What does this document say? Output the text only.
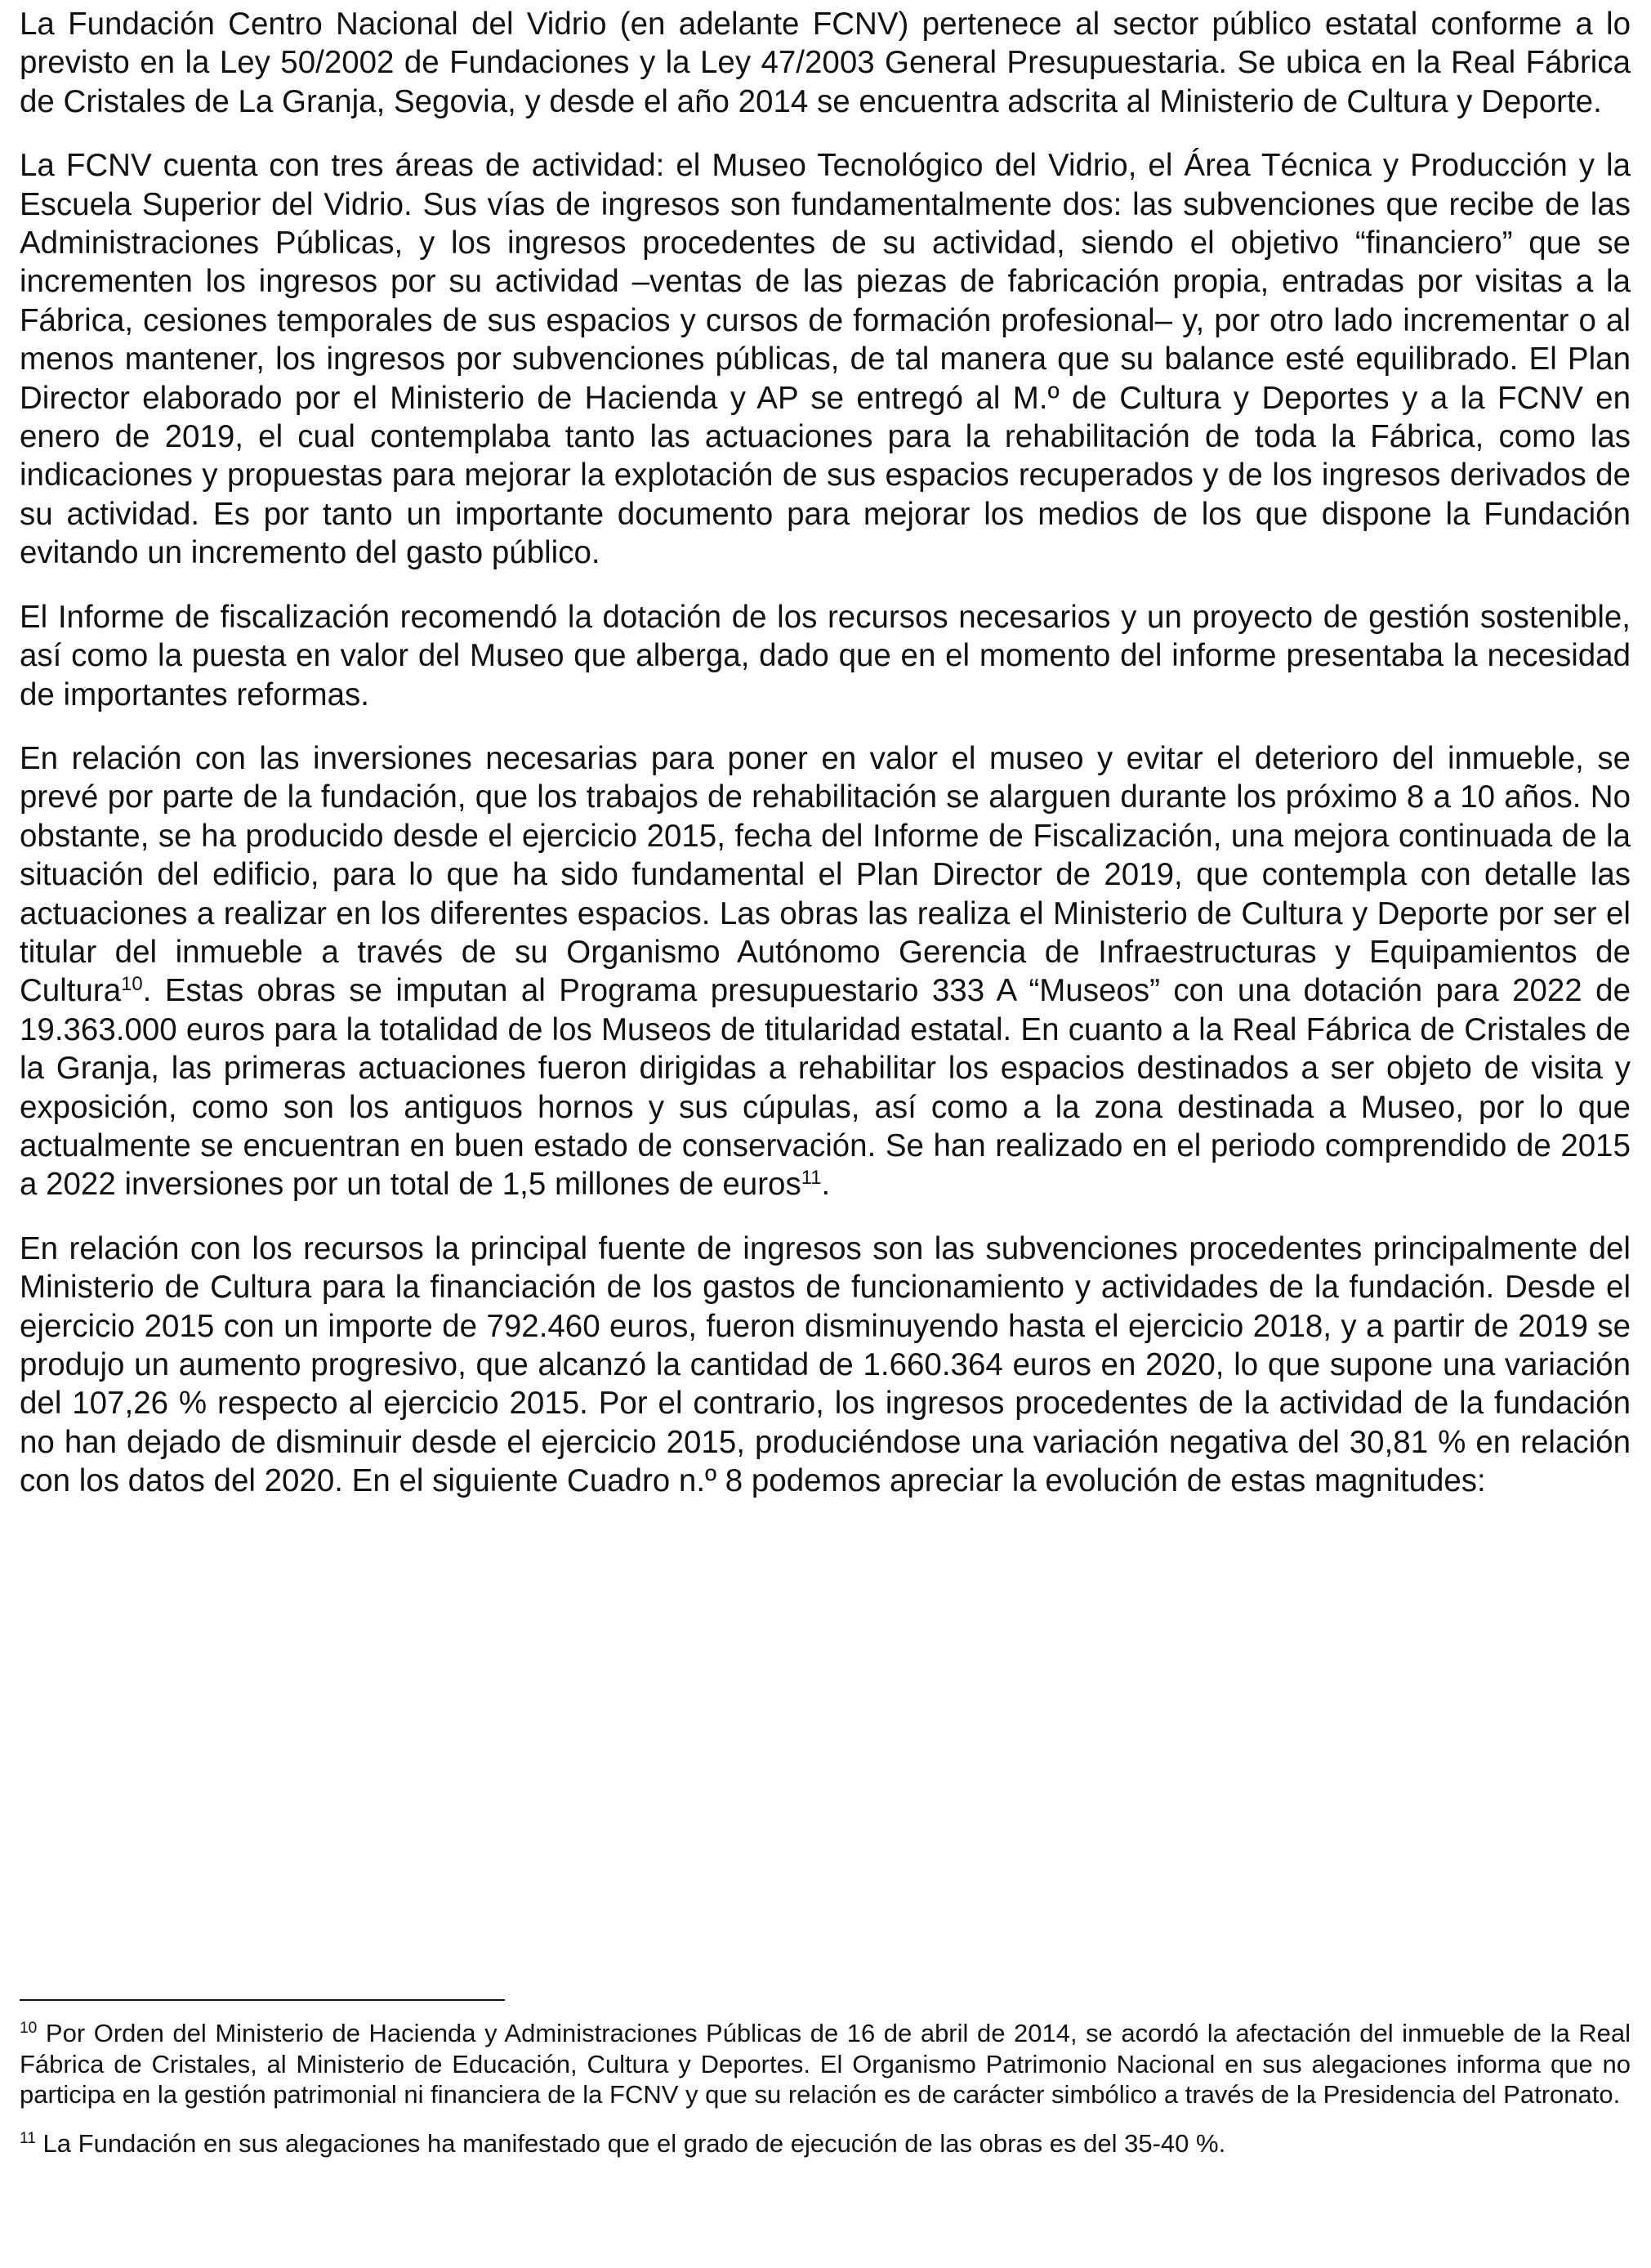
La Fundación Centro Nacional del Vidrio (en adelante FCNV) pertenece al sector público estatal conforme a lo previsto en la Ley 50/2002 de Fundaciones y la Ley 47/2003 General Presupuestaria. Se ubica en la Real Fábrica de Cristales de La Granja, Segovia, y desde el año 2014 se encuentra adscrita al Ministerio de Cultura y Deporte.

La FCNV cuenta con tres áreas de actividad: el Museo Tecnológico del Vidrio, el Área Técnica y Producción y la Escuela Superior del Vidrio. Sus vías de ingresos son fundamentalmente dos: las subvenciones que recibe de las Administraciones Públicas, y los ingresos procedentes de su actividad, siendo el objetivo “financiero” que se incrementen los ingresos por su actividad –ventas de las piezas de fabricación propia, entradas por visitas a la Fábrica, cesiones temporales de sus espacios y cursos de formación profesional– y, por otro lado incrementar o al menos mantener, los ingresos por subvenciones públicas, de tal manera que su balance esté equilibrado. El Plan Director elaborado por el Ministerio de Hacienda y AP se entregó al M.º de Cultura y Deportes y a la FCNV en enero de 2019, el cual contemplaba tanto las actuaciones para la rehabilitación de toda la Fábrica, como las indicaciones y propuestas para mejorar la explotación de sus espacios recuperados y de los ingresos derivados de su actividad. Es por tanto un importante documento para mejorar los medios de los que dispone la Fundación evitando un incremento del gasto público.

El Informe de fiscalización recomendó la dotación de los recursos necesarios y un proyecto de gestión sostenible, así como la puesta en valor del Museo que alberga, dado que en el momento del informe presentaba la necesidad de importantes reformas.

En relación con las inversiones necesarias para poner en valor el museo y evitar el deterioro del inmueble, se prevé por parte de la fundación, que los trabajos de rehabilitación se alarguen durante los próximo 8 a 10 años. No obstante, se ha producido desde el ejercicio 2015, fecha del Informe de Fiscalización, una mejora continuada de la situación del edificio, para lo que ha sido fundamental el Plan Director de 2019, que contempla con detalle las actuaciones a realizar en los diferentes espacios. Las obras las realiza el Ministerio de Cultura y Deporte por ser el titular del inmueble a través de su Organismo Autónomo Gerencia de Infraestructuras y Equipamientos de Cultura$^{10}$. Estas obras se imputan al Programa presupuestario 333 A “Museos” con una dotación para 2022 de 19.363.000 euros para la totalidad de los Museos de titularidad estatal. En cuanto a la Real Fábrica de Cristales de la Granja, las primeras actuaciones fueron dirigidas a rehabilitar los espacios destinados a ser objeto de visita y exposición, como son los antiguos hornos y sus cúpulas, así como a la zona destinada a Museo, por lo que actualmente se encuentran en buen estado de conservación. Se han realizado en el periodo comprendido de 2015 a 2022 inversiones por un total de 1,5 millones de euros$^{11}$.

En relación con los recursos la principal fuente de ingresos son las subvenciones procedentes principalmente del Ministerio de Cultura para la financiación de los gastos de funcionamiento y actividades de la fundación. Desde el ejercicio 2015 con un importe de 792.460 euros, fueron disminuyendo hasta el ejercicio 2018, y a partir de 2019 se produjo un aumento progresivo, que alcanzó la cantidad de 1.660.364 euros en 2020, lo que supone una variación del 107,26 % respecto al ejercicio 2015. Por el contrario, los ingresos procedentes de la actividad de la fundación no han dejado de disminuir desde el ejercicio 2015, produciéndose una variación negativa del 30,81 % en relación con los datos del 2020. En el siguiente Cuadro n.º 8 podemos apreciar la evolución de estas magnitudes:

$^{10}$ Por Orden del Ministerio de Hacienda y Administraciones Públicas de 16 de abril de 2014, se acordó la afectación del inmueble de la Real Fábrica de Cristales, al Ministerio de Educación, Cultura y Deportes. El Organismo Patrimonio Nacional en sus alegaciones informa que no participa en la gestión patrimonial ni financiera de la FCNV y que su relación es de carácter simbólico a través de la Presidencia del Patronato.

$^{11}$ La Fundación en sus alegaciones ha manifestado que el grado de ejecución de las obras es del 35-40 %.
